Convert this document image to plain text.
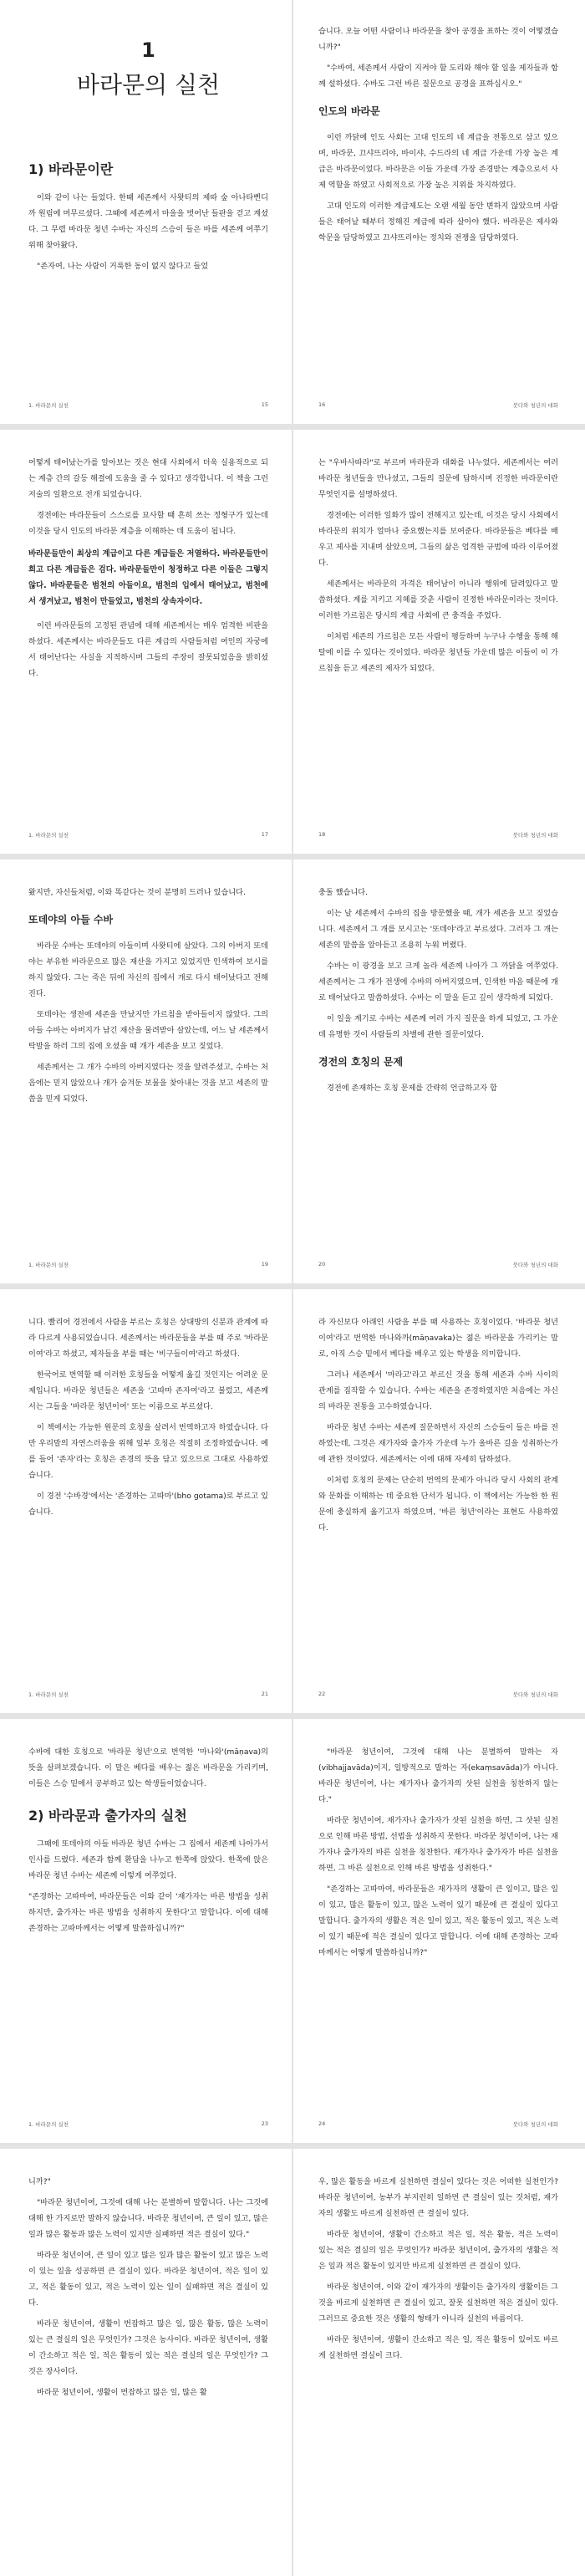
1
바라문의 실천
1) 바라문이란

이와 같이 나는 들었다. 한때 세존께서 사왓티의 제따 숲 아나타삔디까 원림에 머무르셨다. 그때에 세존께서 마을을 벗어난 들판을 걷고 계셨다. 그 무렵 바라문 청년 수바는 자신의 스승이 들은 바를 세존께 여쭈기 위해 찾아왔다.

"존자여, 나는 사람이 거룩한 동이 없지 않다고 들었

1. 바라문의 실천	15

습니다. 오늘 어떤 사람이나 바라문을 찾아 공경을 표하는 것이 어떻겠습니까?"

"수바여, 세존께서 사람이 지켜야 할 도리와 해야 할 일을 제자들과 함께 설하셨다. 수바도 그런 바른 질문으로 공경을 표하십시오."

인도의 바라문

이런 까닭에 인도 사회는 고대 인도의 네 계급을 전통으로 삼고 있으며, 바라문, 끄샤뜨리야, 바이샤, 수드라의 네 계급 가운데 가장 높은 계급은 바라문이었다. 바라문은 이들 가운데 가장 존경받는 계층으로서 사제 역할을 하였고 사회적으로 가장 높은 지위를 차지하였다.

고대 인도의 이러한 계급제도는 오랜 세월 동안 변하지 않았으며 사람들은 태어날 때부터 정해진 계급에 따라 살아야 했다. 바라문은 제사와 학문을 담당하였고 끄샤뜨리야는 정치와 전쟁을 담당하였다.

16	붓다와 청년의 대화

어떻게 태어났는가를 알아보는 것은 현대 사회에서 더욱 실용적으로 되는 계층 간의 갈등 해결에 도움을 줄 수 있다고 생각합니다. 이 책을 그런 저술의 일환으로 전개 되었습니다.

경전에는 바라문들이 스스로를 묘사할 때 흔히 쓰는 정형구가 있는데 이것을 당시 인도의 바라문 계층을 이해하는 데 도움이 됩니다.

바라문들만이 최상의 계급이고 다른 계급들은 저열하다. 바라문들만이 희고 다른 계급들은 검다. 바라문들만이 청정하고 다른 이들은 그렇지 않다. 바라문들은 범천의 아들이요, 범천의 입에서 태어났고, 범천에서 생겨났고, 범천이 만들었고, 범천의 상속자이다.

이런 바라문들의 고정된 관념에 대해 세존께서는 매우 엄격한 비판을 하셨다. 세존께서는 바라문들도 다른 계급의 사람들처럼 여인의 자궁에서 태어난다는 사실을 지적하시며 그들의 주장이 잘못되었음을 밝히셨다.

1. 바라문의 실천	17

는 "우바사따라"로 부르며 바라문과 대화를 나누었다. 세존께서는 여러 바라문 청년들을 만나셨고, 그들의 질문에 답하시며 진정한 바라문이란 무엇인지를 설명하셨다.

경전에는 이러한 일화가 많이 전해지고 있는데, 이것은 당시 사회에서 바라문의 위치가 얼마나 중요했는지를 보여준다. 바라문들은 베다를 배우고 제사를 지내며 살았으며, 그들의 삶은 엄격한 규범에 따라 이루어졌다.

세존께서는 바라문의 자격은 태어남이 아니라 행위에 달려있다고 말씀하셨다. 계를 지키고 지혜를 갖춘 사람이 진정한 바라문이라는 것이다. 이러한 가르침은 당시의 계급 사회에 큰 충격을 주었다.

이처럼 세존의 가르침은 모든 사람이 평등하며 누구나 수행을 통해 해탈에 이를 수 있다는 것이었다. 바라문 청년들 가운데 많은 이들이 이 가르침을 듣고 세존의 제자가 되었다.

18	붓다와 청년의 대화

왔지만, 자신들처럼, 이와 똑같다는 것이 분명히 드러나 있습니다.

또데야의 아들 수바

바라문 수바는 또데야의 아들이며 사왓티에 살았다. 그의 아버지 또데야는 부유한 바라문으로 많은 재산을 가지고 있었지만 인색하여 보시를 하지 않았다. 그는 죽은 뒤에 자신의 집에서 개로 다시 태어났다고 전해진다.

또데야는 생전에 세존을 만났지만 가르침을 받아들이지 않았다. 그의 아들 수바는 아버지가 남긴 재산을 물려받아 살았는데, 어느 날 세존께서 탁발을 하러 그의 집에 오셨을 때 개가 세존을 보고 짖었다.

세존께서는 그 개가 수바의 아버지였다는 것을 알려주셨고, 수바는 처음에는 믿지 않았으나 개가 숨겨둔 보물을 찾아내는 것을 보고 세존의 말씀을 믿게 되었다.

1. 바라문의 실천	19

충돌 했습니다.

이는 날 세존께서 수바의 집을 방문했을 때, 개가 세존을 보고 짖었습니다. 세존께서 그 개를 보시고는 '또데야'라고 부르셨다. 그러자 그 개는 세존의 말씀을 알아듣고 조용히 누워 버렸다.

수바는 이 광경을 보고 크게 놀라 세존께 나아가 그 까닭을 여쭈었다. 세존께서는 그 개가 전생에 수바의 아버지였으며, 인색한 마음 때문에 개로 태어났다고 말씀하셨다. 수바는 이 말을 듣고 깊이 생각하게 되었다.

이 일을 계기로 수바는 세존께 여러 가지 질문을 하게 되었고, 그 가운데 유명한 것이 사람들의 차별에 관한 질문이었다.

경전의 호칭의 문제

경전에 존재하는 호칭 문제를 간략히 언급하고자 합

20	붓다와 청년의 대화

니다. 빨리어 경전에서 사람을 부르는 호칭은 상대방의 신분과 관계에 따라 다르게 사용되었습니다. 세존께서는 바라문들을 부를 때 주로 '바라문이여'라고 하셨고, 제자들을 부를 때는 '비구들이여'라고 하셨다.

한국어로 번역할 때 이러한 호칭들을 어떻게 옮길 것인지는 어려운 문제입니다. 바라문 청년들은 세존을 '고따마 존자여'라고 불렀고, 세존께서는 그들을 '바라문 청년이여' 또는 이름으로 부르셨다.

이 책에서는 가능한 원문의 호칭을 살려서 번역하고자 하였습니다. 다만 우리말의 자연스러움을 위해 일부 호칭은 적절히 조정하였습니다. 예를 들어 '존자'라는 호칭은 존경의 뜻을 담고 있으므로 그대로 사용하였습니다.

이 경전 '수바경'에서는 '존경하는 고따마'(bho gotama)로 부르고 있습니다.

1. 바라문의 실천	21

라 자신보다 아래인 사람을 부를 때 사용하는 호칭이었다. '바라문 청년이여'라고 번역한 마나와까(māṇavaka)는 젊은 바라문을 가리키는 말로, 아직 스승 밑에서 베다를 배우고 있는 학생을 의미합니다.

그러나 세존께서 '마라고'라고 부르신 것을 통해 세존과 수바 사이의 관계를 짐작할 수 있습니다. 수바는 세존을 존경하였지만 처음에는 자신의 바라문 전통을 고수하였습니다.

바라문 청년 수바는 세존께 질문하면서 자신의 스승들이 들은 바를 전하였는데, 그것은 재가자와 출가자 가운데 누가 올바른 길을 성취하는가에 관한 것이었다. 세존께서는 이에 대해 자세히 답하셨다.

이처럼 호칭의 문제는 단순히 번역의 문제가 아니라 당시 사회의 관계와 문화를 이해하는 데 중요한 단서가 됩니다. 이 책에서는 가능한 한 원문에 충실하게 옮기고자 하였으며, '바른 청년'이라는 표현도 사용하였다.

22	붓다와 청년의 대화

수바에 대한 호칭으로 '바라문 청년'으로 번역한 '마나와'(māṇava)의 뜻을 살펴보겠습니다. 이 말은 베다를 배우는 젊은 바라문을 가리키며, 이들은 스승 밑에서 공부하고 있는 학생들이었습니다.

2) 바라문과 출가자의 실천

그때에 또데야의 아들 바라문 청년 수바는 그 집에서 세존께 나아가서 인사를 드렸다. 세존과 함께 환담을 나누고 한쪽에 앉았다. 한쪽에 앉은 바라문 청년 수바는 세존께 이렇게 여쭈었다.

"존경하는 고따마여, 바라문들은 이와 같이 '재가자는 바른 방법을 성취하지만, 출가자는 바른 방법을 성취하지 못한다'고 말합니다. 이에 대해 존경하는 고따마께서는 어떻게 말씀하십니까?"

1. 바라문의 실천	23

"바라문 청년이여, 그것에 대해 나는 분별하여 말하는 자(vibhajjavāda)이지, 일방적으로 말하는 자(ekaṃsavāda)가 아니다. 바라문 청년이여, 나는 재가자나 출가자의 삿된 실천을 칭찬하지 않는다."

바라문 청년이여, 재가자나 출가자가 삿된 실천을 하면, 그 삿된 실천으로 인해 바른 방법, 선법을 성취하지 못한다. 바라문 청년이여, 나는 재가자나 출가자의 바른 실천을 칭찬한다. 재가자나 출가자가 바른 실천을 하면, 그 바른 실천으로 인해 바른 방법을 성취한다."

"존경하는 고따마여, 바라문들은 재가자의 생활이 큰 일이고, 많은 일이 있고, 많은 활동이 있고, 많은 노력이 있기 때문에 큰 결실이 있다고 말합니다. 출가자의 생활은 적은 일이 있고, 적은 활동이 있고, 적은 노력이 있기 때문에 적은 결실이 있다고 말합니다. 이에 대해 존경하는 고따마께서는 어떻게 말씀하십니까?"

24	붓다와 청년의 대화

니까?"

"바라문 청년이여, 그것에 대해 나는 분별하여 말합니다. 나는 그것에 대해 한 가지로만 말하지 않습니다. 바라문 청년이여, 큰 일이 있고, 많은 일과 많은 활동과 많은 노력이 있지만 실패하면 적은 결실이 있다."

바라문 청년이여, 큰 일이 있고 많은 일과 많은 활동이 있고 많은 노력이 있는 일을 성공하면 큰 결실이 있다. 바라문 청년이여, 적은 일이 있고, 적은 활동이 있고, 적은 노력이 있는 일이 실패하면 적은 결실이 있다.

바라문 청년이여, 생활이 번잡하고 많은 일, 많은 활동, 많은 노력이 있는 큰 결실의 일은 무엇인가? 그것은 농사이다. 바라문 청년이여, 생활이 간소하고 적은 일, 적은 활동이 있는 적은 결실의 일은 무엇인가? 그것은 장사이다.

바라문 청년이여, 생활이 번잡하고 많은 일, 많은 활

우, 많은 활동을 바르게 실천하면 결실이 있다는 것은 어떠한 실천인가? 바라문 청년이여, 농부가 부지런히 일하면 큰 결실이 있는 것처럼, 재가자의 생활도 바르게 실천하면 큰 결실이 있다.

바라문 청년이여, 생활이 간소하고 적은 일, 적은 활동, 적은 노력이 있는 적은 결실의 일은 무엇인가? 바라문 청년이여, 출가자의 생활은 적은 일과 적은 활동이 있지만 바르게 실천하면 큰 결실이 있다.

바라문 청년이여, 이와 같이 재가자의 생활이든 출가자의 생활이든 그것을 바르게 실천하면 큰 결실이 있고, 잘못 실천하면 적은 결실이 있다. 그러므로 중요한 것은 생활의 형태가 아니라 실천의 바름이다.

바라문 청년이여, 생활이 간소하고 적은 일, 적은 활동이 있어도 바르게 실천하면 결실이 크다.
